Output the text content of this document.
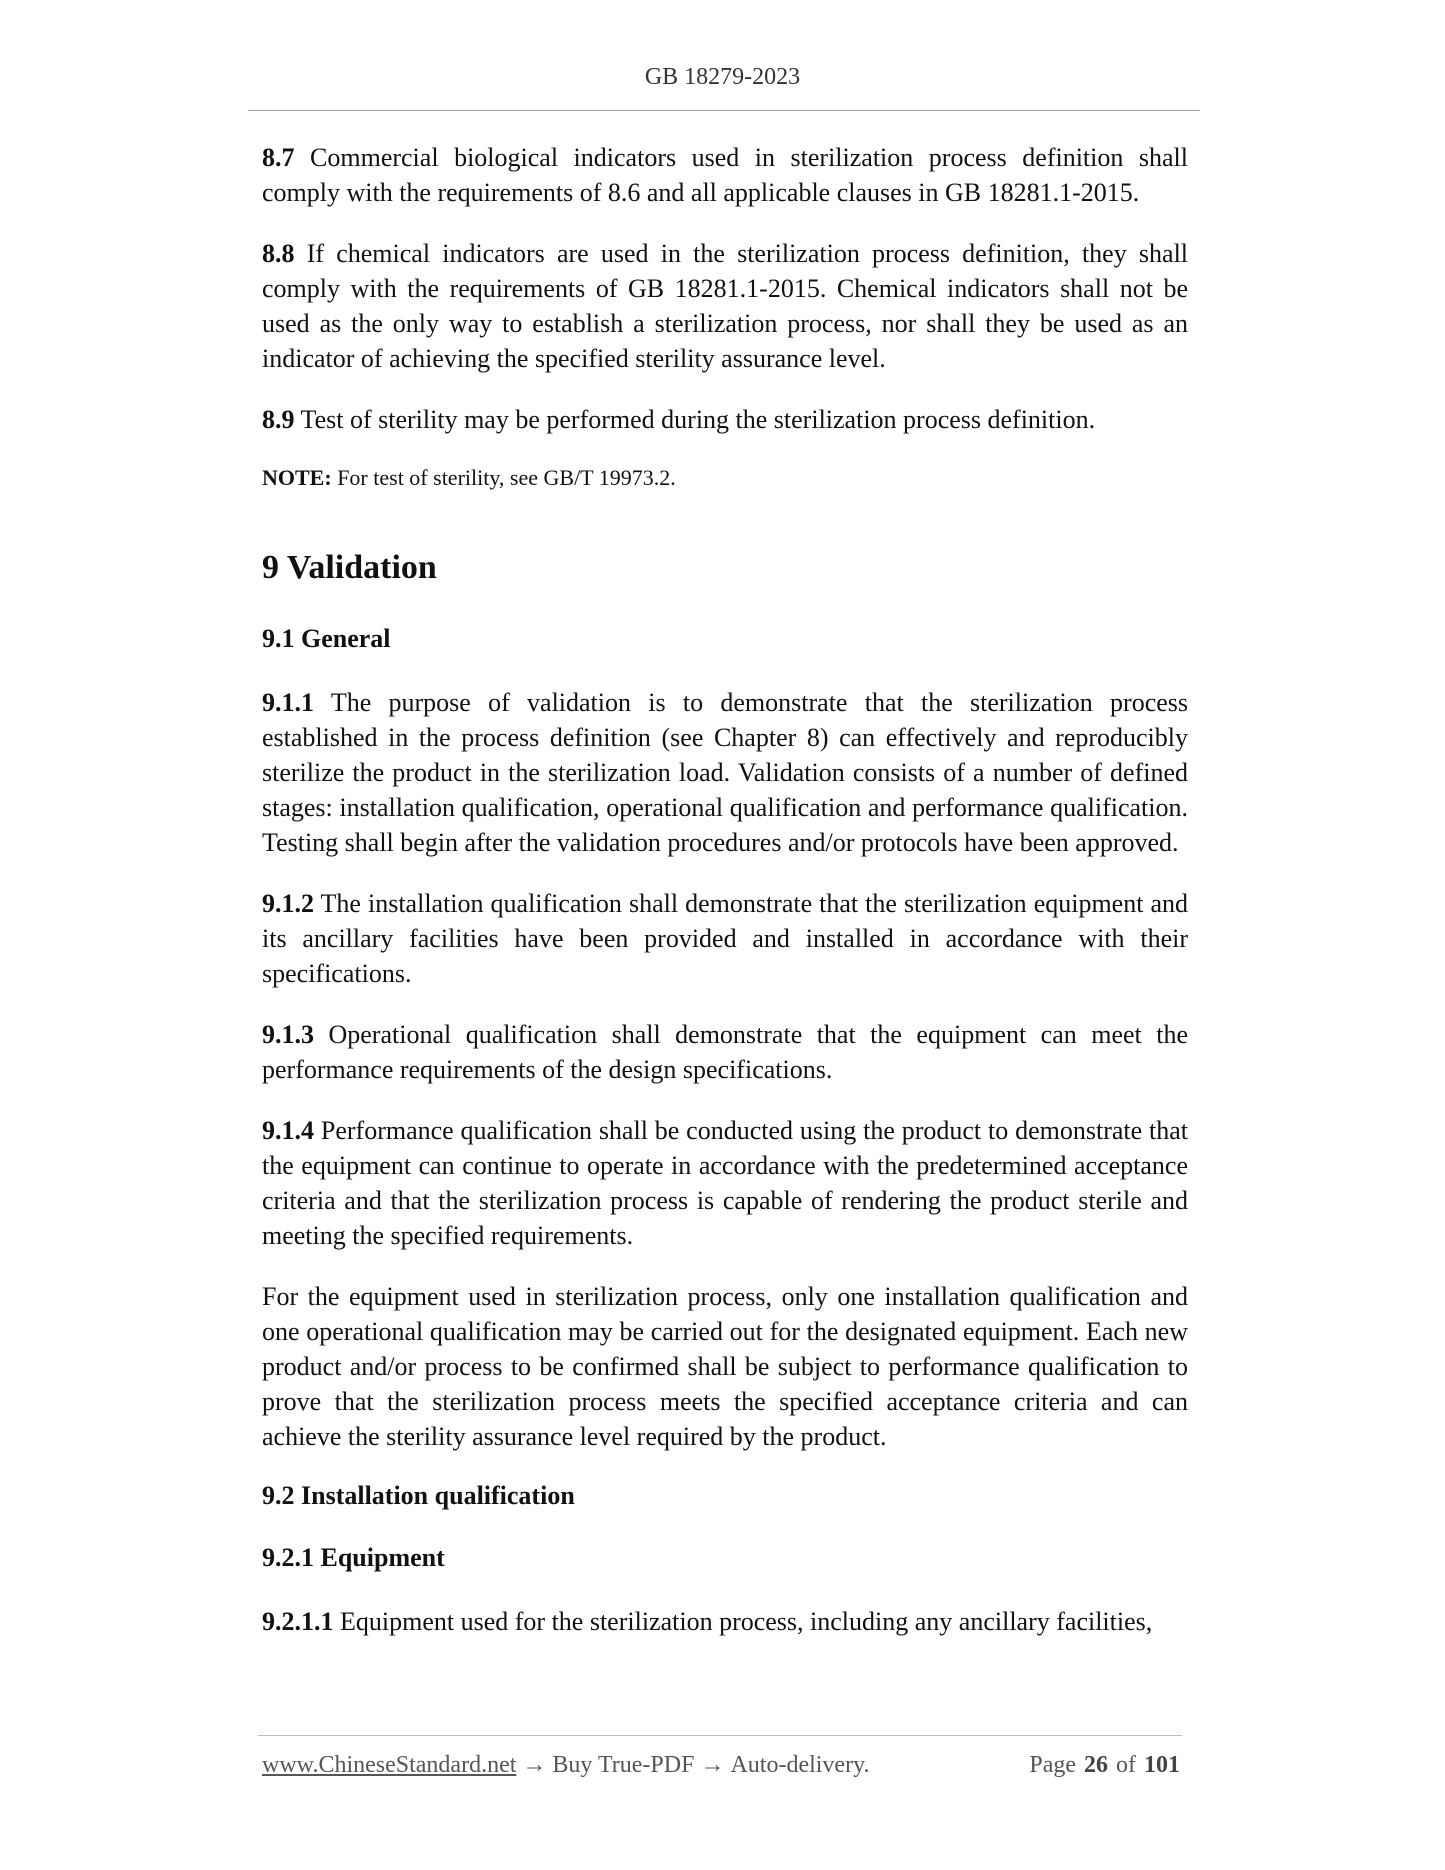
GB 18279-2023

8.7 Commercial biological indicators used in sterilization process definition shall comply with the requirements of 8.6 and all applicable clauses in GB 18281.1-2015.

8.8 If chemical indicators are used in the sterilization process definition, they shall comply with the requirements of GB 18281.1-2015. Chemical indicators shall not be used as the only way to establish a sterilization process, nor shall they be used as an indicator of achieving the specified sterility assurance level.

8.9 Test of sterility may be performed during the sterilization process definition.

NOTE: For test of sterility, see GB/T 19973.2.

9 Validation
9.1 General

9.1.1 The purpose of validation is to demonstrate that the sterilization process established in the process definition (see Chapter 8) can effectively and reproducibly sterilize the product in the sterilization load. Validation consists of a number of defined stages: installation qualification, operational qualification and performance qualification. Testing shall begin after the validation procedures and/or protocols have been approved.

9.1.2 The installation qualification shall demonstrate that the sterilization equipment and its ancillary facilities have been provided and installed in accordance with their specifications.

9.1.3 Operational qualification shall demonstrate that the equipment can meet the performance requirements of the design specifications.

9.1.4 Performance qualification shall be conducted using the product to demonstrate that the equipment can continue to operate in accordance with the predetermined acceptance criteria and that the sterilization process is capable of rendering the product sterile and meeting the specified requirements.

For the equipment used in sterilization process, only one installation qualification and one operational qualification may be carried out for the designated equipment. Each new product and/or process to be confirmed shall be subject to performance qualification to prove that the sterilization process meets the specified acceptance criteria and can achieve the sterility assurance level required by the product.

9.2 Installation qualification
9.2.1 Equipment

9.2.1.1 Equipment used for the sterilization process, including any ancillary facilities,

www.ChineseStandard.net → Buy True-PDF → Auto-delivery.	Page 26 of 101
